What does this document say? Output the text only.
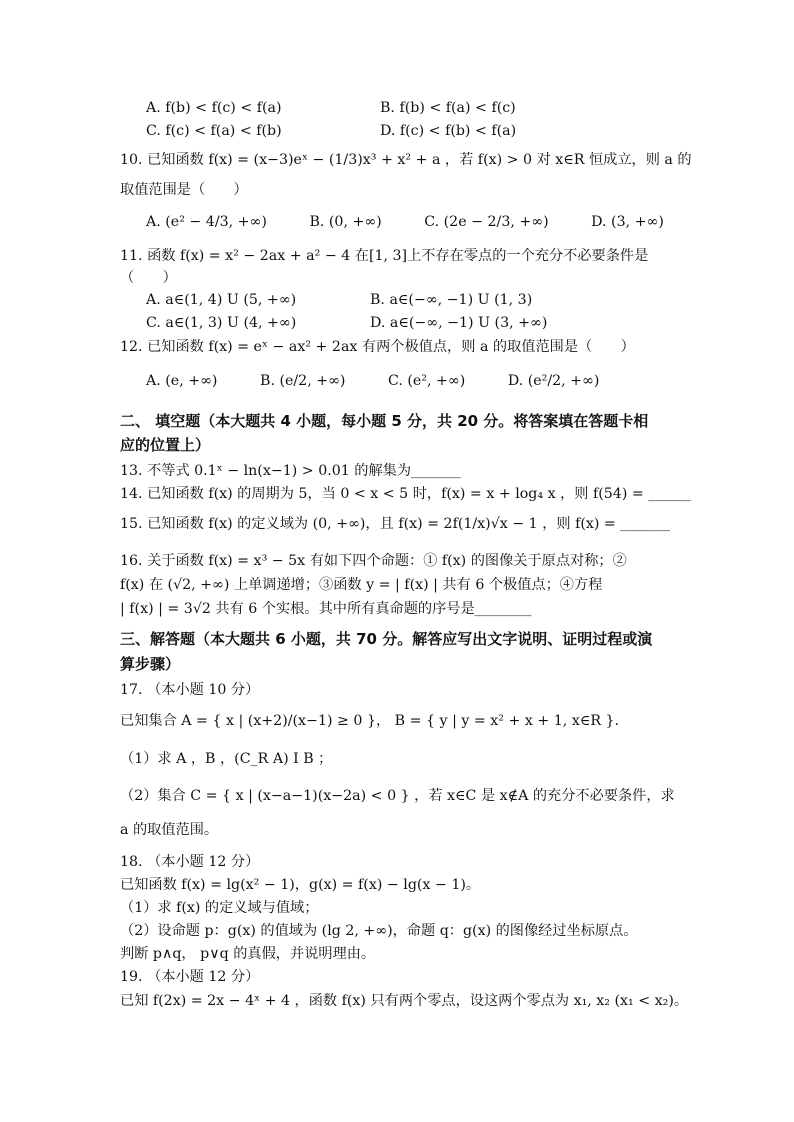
A. f(b) < f(c) < f(a)	B. f(b) < f(a) < f(c)
C. f(c) < f(a) < f(b)	D. f(c) < f(b) < f(a)
10. 已知函数 f(x) = (x−3)eˣ − (1/3)x³ + x² + a ，若 f(x) > 0 对 x∈R 恒成立，则 a 的
取值范围是（　　）
A. (e² − 4/3, +∞)　　　B. (0, +∞)　　　C. (2e − 2/3, +∞)　　　D. (3, +∞)
11. 函数 f(x) = x² − 2ax + a² − 4 在[1, 3]上不存在零点的一个充分不必要条件是
（　　）
A. a∈(1, 4) U (5, +∞)	B. a∈(−∞, −1) U (1, 3)
C. a∈(1, 3) U (4, +∞)	D. a∈(−∞, −1) U (3, +∞)
12. 已知函数 f(x) = eˣ − ax² + 2ax 有两个极值点，则 a 的取值范围是（　　）
A. (e, +∞)　　　B. (e/2, +∞)　　　C. (e², +∞)　　　D. (e²/2, +∞)
二、 填空题（本大题共 4 小题，每小题 5 分，共 20 分。将答案填在答题卡相
应的位置上）
13. 不等式 0.1ˣ − ln(x−1) > 0.01 的解集为_______
14. 已知函数 f(x) 的周期为 5，当 0 < x < 5 时，f(x) = x + log₄ x ，则 f(54) = ______
15. 已知函数 f(x) 的定义域为 (0, +∞)，且 f(x) = 2f(1/x)√x − 1 ，则 f(x) = _______
16. 关于函数 f(x) = x³ − 5x 有如下四个命题：① f(x) 的图像关于原点对称；②
f(x) 在 (√2, +∞) 上单调递增；③函数 y = | f(x) | 共有 6 个极值点；④方程
| f(x) | = 3√2 共有 6 个实根。其中所有真命题的序号是________
三、解答题（本大题共 6 小题，共 70 分。解答应写出文字说明、证明过程或演
算步骤）
17. （本小题 10 分）
已知集合 A = { x | (x+2)/(x−1) ≥ 0 }， B = { y | y = x² + x + 1, x∈R }.
（1）求 A ，B ，(C_R A) I B ；
（2）集合 C = { x | (x−a−1)(x−2a) < 0 } ，若 x∈C 是 x∉A 的充分不必要条件，求
a 的取值范围。
18. （本小题 12 分）
已知函数 f(x) = lg(x² − 1)，g(x) = f(x) − lg(x − 1)。
（1）求 f(x) 的定义域与值域；
（2）设命题 p：g(x) 的值域为 (lg 2, +∞)，命题 q：g(x) 的图像经过坐标原点。
判断 p∧q， p∨q 的真假，并说明理由。
19. （本小题 12 分）
已知 f(2x) = 2x − 4ˣ + 4 ，函数 f(x) 只有两个零点，设这两个零点为 x₁, x₂ (x₁ < x₂)。
